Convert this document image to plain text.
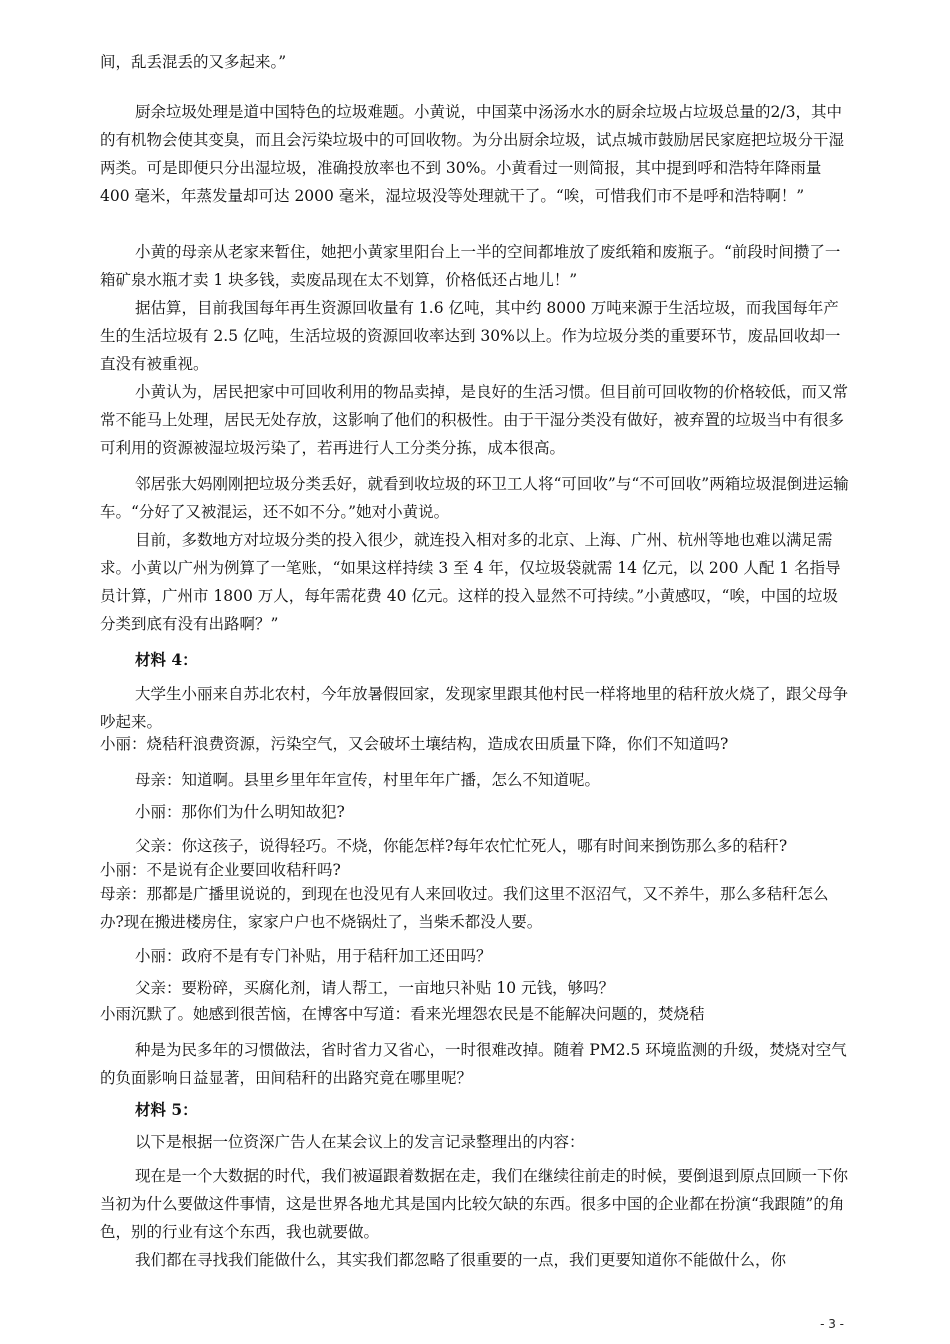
间，乱丢混丢的又多起来。”

厨余垃圾处理是道中国特色的垃圾难题。小黄说，中国菜中汤汤水水的厨余垃圾占垃圾总量的2/3，其中的有机物会使其变臭，而且会污染垃圾中的可回收物。为分出厨余垃圾，试点城市鼓励居民家庭把垃圾分干湿两类。可是即便只分出湿垃圾，准确投放率也不到 30%。小黄看过一则简报，其中提到呼和浩特年降雨量 400 毫米，年蒸发量却可达 2000 毫米，湿垃圾没等处理就干了。“唉，可惜我们市不是呼和浩特啊！”

小黄的母亲从老家来暂住，她把小黄家里阳台上一半的空间都堆放了废纸箱和废瓶子。“前段时间攒了一箱矿泉水瓶才卖 1 块多钱，卖废品现在太不划算，价格低还占地儿！”

据估算，目前我国每年再生资源回收量有 1.6 亿吨，其中约 8000 万吨来源于生活垃圾，而我国每年产生的生活垃圾有 2.5 亿吨，生活垃圾的资源回收率达到 30%以上。作为垃圾分类的重要环节，废品回收却一直没有被重视。

小黄认为，居民把家中可回收利用的物品卖掉，是良好的生活习惯。但目前可回收物的价格较低，而又常常不能马上处理，居民无处存放，这影响了他们的积极性。由于干湿分类没有做好，被弃置的垃圾当中有很多可利用的资源被湿垃圾污染了，若再进行人工分类分拣，成本很高。

邻居张大妈刚刚把垃圾分类丢好，就看到收垃圾的环卫工人将“可回收”与“不可回收”两箱垃圾混倒进运输车。“分好了又被混运，还不如不分。”她对小黄说。

目前，多数地方对垃圾分类的投入很少，就连投入相对多的北京、上海、广州、杭州等地也难以满足需求。小黄以广州为例算了一笔账，“如果这样持续 3 至 4 年，仅垃圾袋就需 14 亿元，以 200 人配 1 名指导员计算，广州市 1800 万人，每年需花费 40 亿元。这样的投入显然不可持续。”小黄感叹，“唉，中国的垃圾分类到底有没有出路啊？”

材料 4：

大学生小丽来自苏北农村，今年放暑假回家，发现家里跟其他村民一样将地里的秸秆放火烧了，跟父母争吵起来。

小丽：烧秸秆浪费资源，污染空气，又会破坏土壤结构，造成农田质量下降，你们不知道吗?

母亲：知道啊。县里乡里年年宣传，村里年年广播，怎么不知道呢。

小丽：那你们为什么明知故犯?

父亲：你这孩子，说得轻巧。不烧，你能怎样?每年农忙忙死人，哪有时间来捯饬那么多的秸秆?

小丽：不是说有企业要回收秸秆吗?

母亲：那都是广播里说说的，到现在也没见有人来回收过。我们这里不沤沼气，又不养牛，那么多秸秆怎么办?现在搬进楼房住，家家户户也不烧锅灶了，当柴禾都没人要。

小丽：政府不是有专门补贴，用于秸秆加工还田吗？

父亲：要粉碎，买腐化剂，请人帮工，一亩地只补贴 10 元钱，够吗？

小雨沉默了。她感到很苦恼，在博客中写道：看来光埋怨农民是不能解决问题的，焚烧秸

种是为民多年的习惯做法，省时省力又省心，一时很难改掉。随着 PM2.5 环境监测的升级，焚烧对空气的负面影响日益显著，田间秸秆的出路究竟在哪里呢？

材料 5：

以下是根据一位资深广告人在某会议上的发言记录整理出的内容：

现在是一个大数据的时代，我们被逼跟着数据在走，我们在继续往前走的时候，要倒退到原点回顾一下你当初为什么要做这件事情，这是世界各地尤其是国内比较欠缺的东西。很多中国的企业都在扮演“我跟随”的角色，别的行业有这个东西，我也就要做。

我们都在寻找我们能做什么，其实我们都忽略了很重要的一点，我们更要知道你不能做什么，你

- 3 -
